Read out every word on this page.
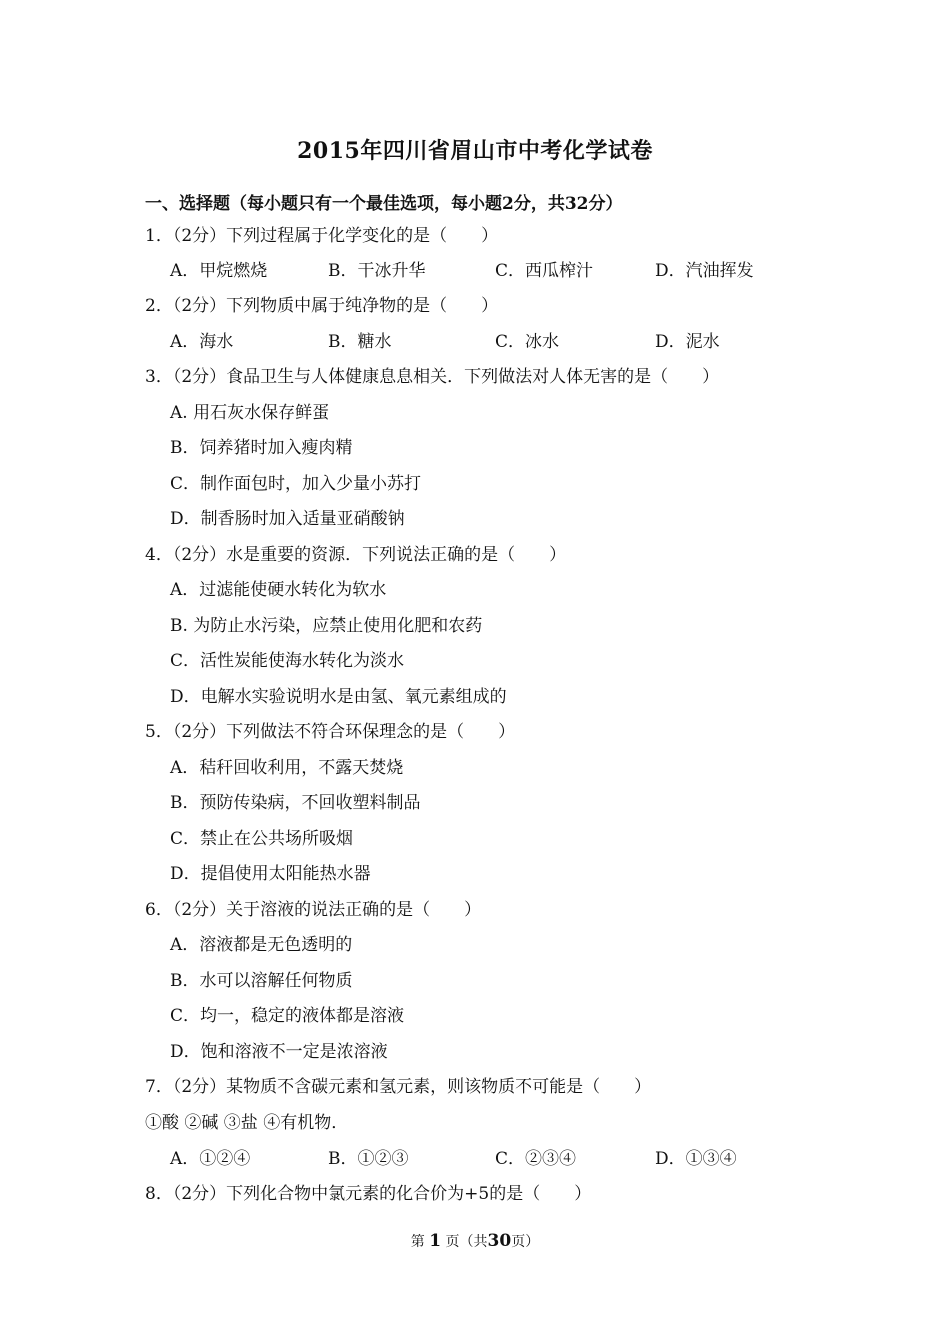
2015年四川省眉山市中考化学试卷
一、选择题（每小题只有一个最佳选项，每小题2分，共32分）
1．（2分）下列过程属于化学变化的是（　　）
A．甲烷燃烧	B．干冰升华	C．西瓜榨汁	D．汽油挥发
2．（2分）下列物质中属于纯净物的是（　　）
A．海水	B．糖水	C．冰水	D．泥水
3．（2分）食品卫生与人体健康息息相关．下列做法对人体无害的是（　　）
A. 用石灰水保存鲜蛋
B．饲养猪时加入瘦肉精
C．制作面包时，加入少量小苏打
D．制香肠时加入适量亚硝酸钠
4．（2分）水是重要的资源．下列说法正确的是（　　）
A．过滤能使硬水转化为软水
B. 为防止水污染，应禁止使用化肥和农药
C．活性炭能使海水转化为淡水
D．电解水实验说明水是由氢、氧元素组成的
5．（2分）下列做法不符合环保理念的是（　　）
A．秸秆回收利用，不露天焚烧
B．预防传染病，不回收塑料制品
C．禁止在公共场所吸烟
D．提倡使用太阳能热水器
6．（2分）关于溶液的说法正确的是（　　）
A．溶液都是无色透明的
B．水可以溶解任何物质
C．均一，稳定的液体都是溶液
D．饱和溶液不一定是浓溶液
7．（2分）某物质不含碳元素和氢元素，则该物质不可能是（　　）
①酸 ②碱 ③盐 ④有机物．
A．①②④	B．①②③	C．②③④	D．①③④
8．（2分）下列化合物中氯元素的化合价为+5的是（　　）
第 1 页（共30页）
